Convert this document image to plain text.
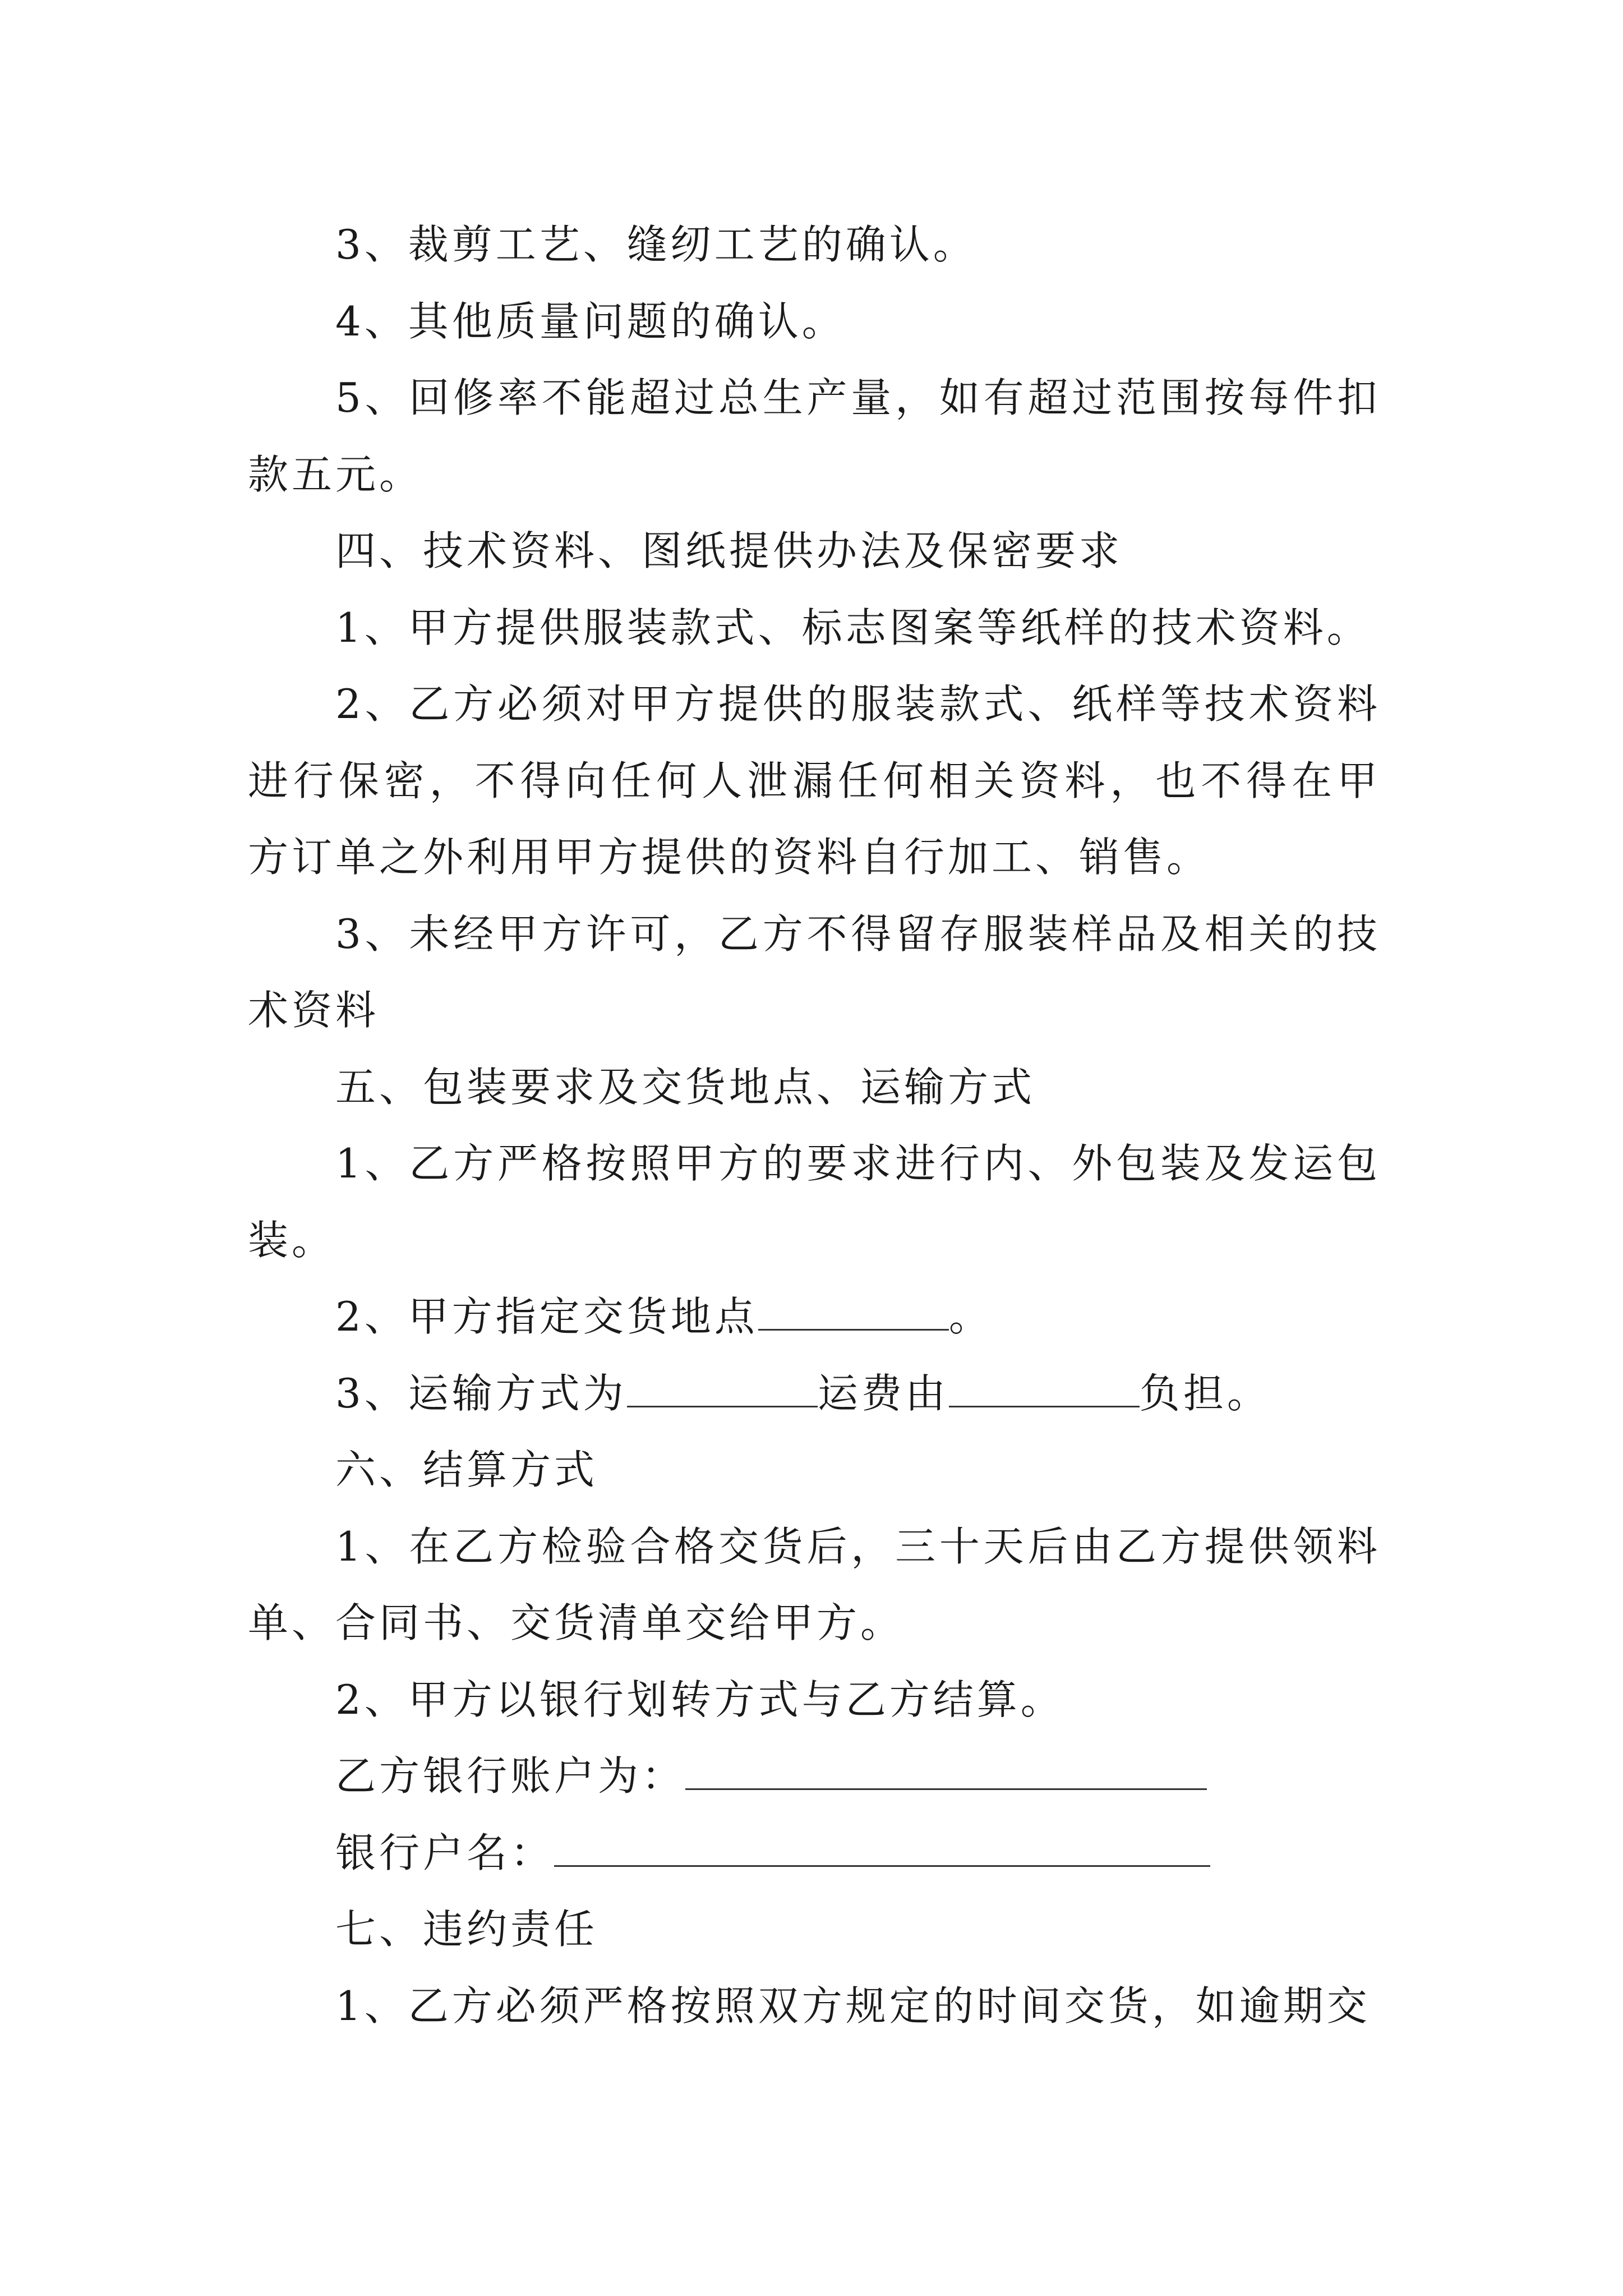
3、裁剪工艺、缝纫工艺的确认。

4、其他质量问题的确认。

5、回修率不能超过总生产量，如有超过范围按每件扣款五元。

四、技术资料、图纸提供办法及保密要求

1、甲方提供服装款式、标志图案等纸样的技术资料。

2、乙方必须对甲方提供的服装款式、纸样等技术资料进行保密，不得向任何人泄漏任何相关资料，也不得在甲方订单之外利用甲方提供的资料自行加工、销售。

3、未经甲方许可，乙方不得留存服装样品及相关的技术资料

五、包装要求及交货地点、运输方式

1、乙方严格按照甲方的要求进行内、外包装及发运包装。

2、甲方指定交货地点	。

3、运输方式为	运费由	负担。

六、结算方式

1、在乙方检验合格交货后，三十天后由乙方提供领料单、合同书、交货清单交给甲方。

2、甲方以银行划转方式与乙方结算。

乙方银行账户为：

银行户名：

七、违约责任

1、乙方必须严格按照双方规定的时间交货，如逾期交
